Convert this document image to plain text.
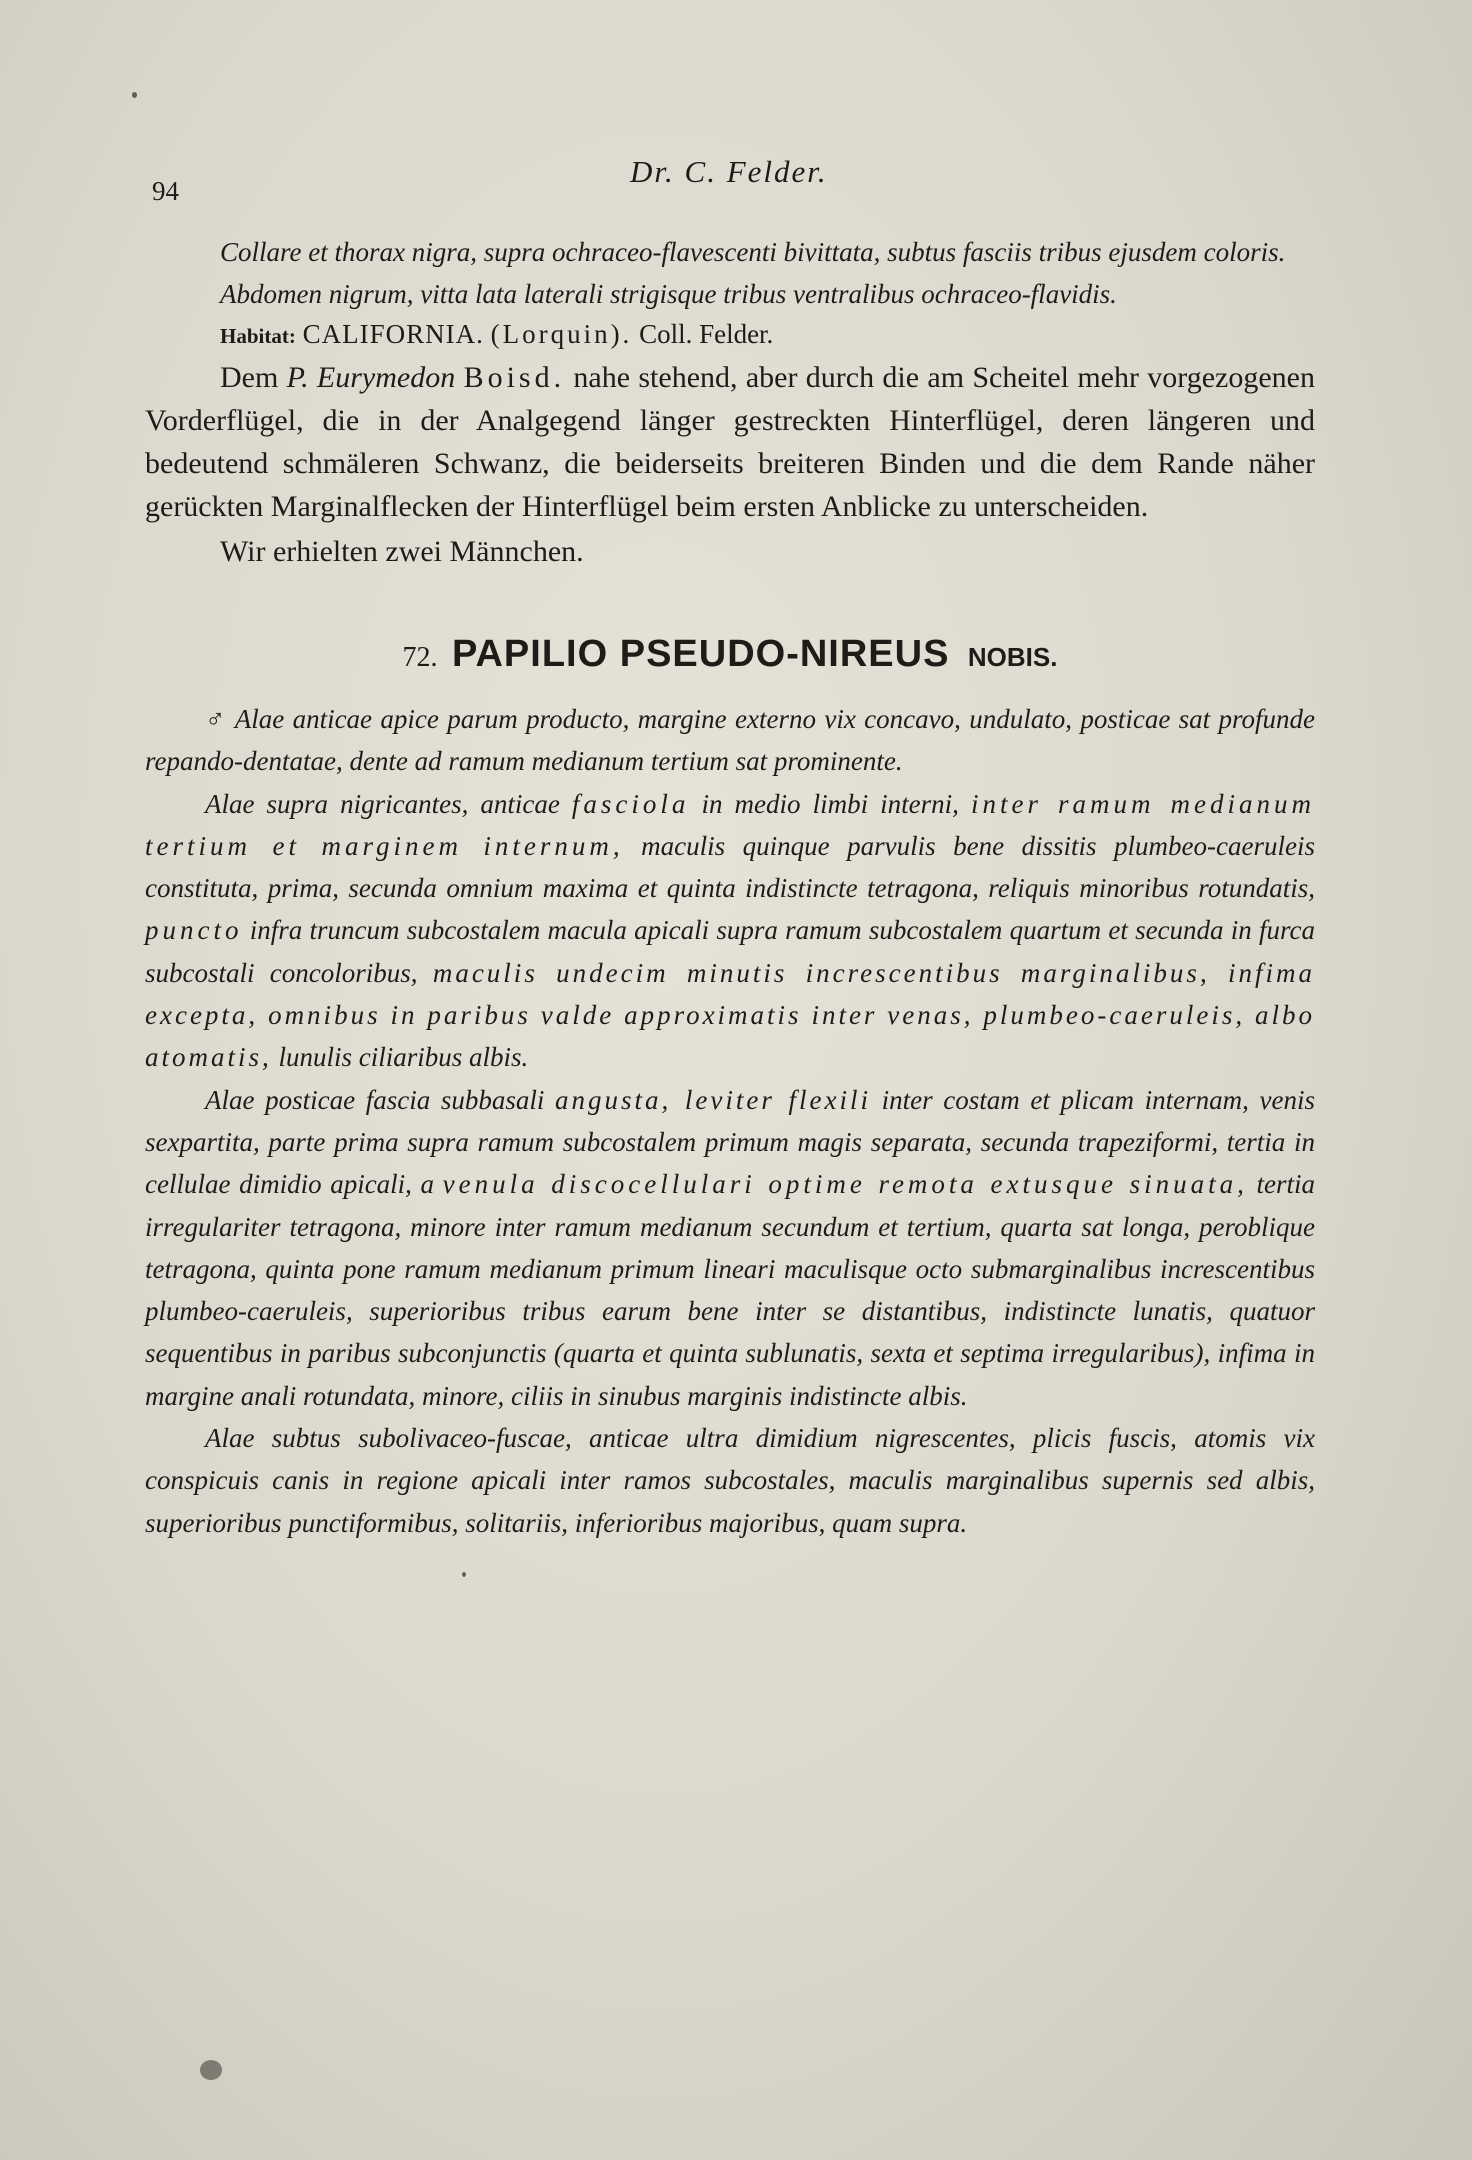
94
Dr. C. Felder.

Collare et thorax nigra, supra ochraceo-flavescenti bivittata, subtus fasciis tribus ejusdem coloris.

Abdomen nigrum, vitta lata laterali strigisque tribus ventralibus ochraceo-flavidis.

Habitat: CALIFORNIA. (Lorquin). Coll. Felder.

Dem P. Eurymedon Boisd. nahe stehend, aber durch die am Scheitel mehr vorgezogenen Vorderflügel, die in der Analgegend länger gestreckten Hinterflügel, deren längeren und bedeutend schmäleren Schwanz, die beiderseits breiteren Binden und die dem Rande näher gerückten Marginalflecken der Hinterflügel beim ersten Anblicke zu unterscheiden.

Wir erhielten zwei Männchen.

72. PAPILIO PSEUDO-NIREUS NOBIS.

♂ Alae anticae apice parum producto, margine externo vix concavo, undulato, posticae sat profunde repando-dentatae, dente ad ramum medianum tertium sat prominente.

Alae supra nigricantes, anticae fasciola in medio limbi interni, inter ramum medianum tertium et marginem internum, maculis quinque parvulis bene dissitis plumbeo-caeruleis constituta, prima, secunda omnium maxima et quinta indistincte tetragona, reliquis minoribus rotundatis, puncto infra truncum subcostalem macula apicali supra ramum subcostalem quartum et secunda in furca subcostali concoloribus, maculis undecim minutis increscentibus marginalibus, infima excepta, omnibus in paribus valde approximatis inter venas, plumbeo-caeruleis, albo atomatis, lunulis ciliaribus albis.

Alae posticae fascia subbasali angusta, leviter flexili inter costam et plicam internam, venis sexpartita, parte prima supra ramum subcostalem primum magis separata, secunda trapeziformi, tertia in cellulae dimidio apicali, a venula discocellulari optime remota extusque sinuata, tertia irregulariter tetragona, minore inter ramum medianum secundum et tertium, quarta sat longa, peroblique tetragona, quinta pone ramum medianum primum lineari maculisque octo submarginalibus increscentibus plumbeo-caeruleis, superioribus tribus earum bene inter se distantibus, indistincte lunatis, quatuor sequentibus in paribus subconjunctis (quarta et quinta sublunatis, sexta et septima irregularibus), infima in margine anali rotundata, minore, ciliis in sinubus marginis indistincte albis.

Alae subtus subolivaceo-fuscae, anticae ultra dimidium nigrescentes, plicis fuscis, atomis vix conspicuis canis in regione apicali inter ramos subcostales, maculis marginalibus supernis sed albis, superioribus punctiformibus, solitariis, inferioribus majoribus, quam supra.
